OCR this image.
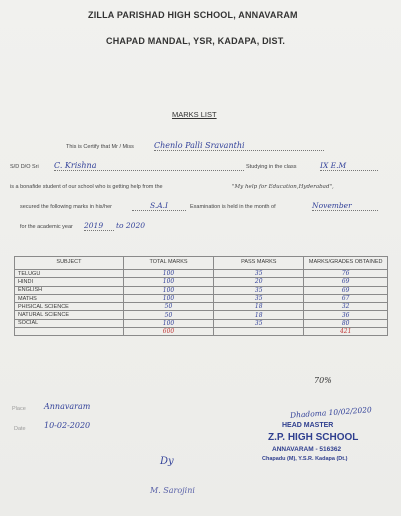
ZILLA PARISHAD HIGH SCHOOL, ANNAVARAM
CHAPAD MANDAL, YSR, KADAPA, DIST.
MARKS LIST
This is Certify that Mr / Miss	Chenlo Palli Sravanthi
S/D D/O Sri C. Krishna	Studying in the class	IX E.M
is a bonafide student of our school who is getting help from the	"My help for Education,Hyderabad",
secured the following marks in his/her	S.A.I	Examination is held in the month of	November
for the academic year 2019	to 2020
SUBJECT	TOTAL MARKS	PASS MARKS	MARKS/GRADES OBTAINED
TELUGU	100	35	76
HINDI	100	20	69
ENGLISH	100	35	69
MATHS	100	35	67
PHISICAL SCIENCE	50	18	32
NATURAL SCIENCE	50	18	36
SOCIAL	100	35	80
	600		421
70%
Place Annavaram
Date 10-02-2020
Dhadoma 10/02/2020
HEAD MASTER
Z.P. HIGH SCHOOL
ANNAVARAM - 516362
Chapadu (M), Y.S.R. Kadapa (Dt.)
Dy
M. Sarojini
